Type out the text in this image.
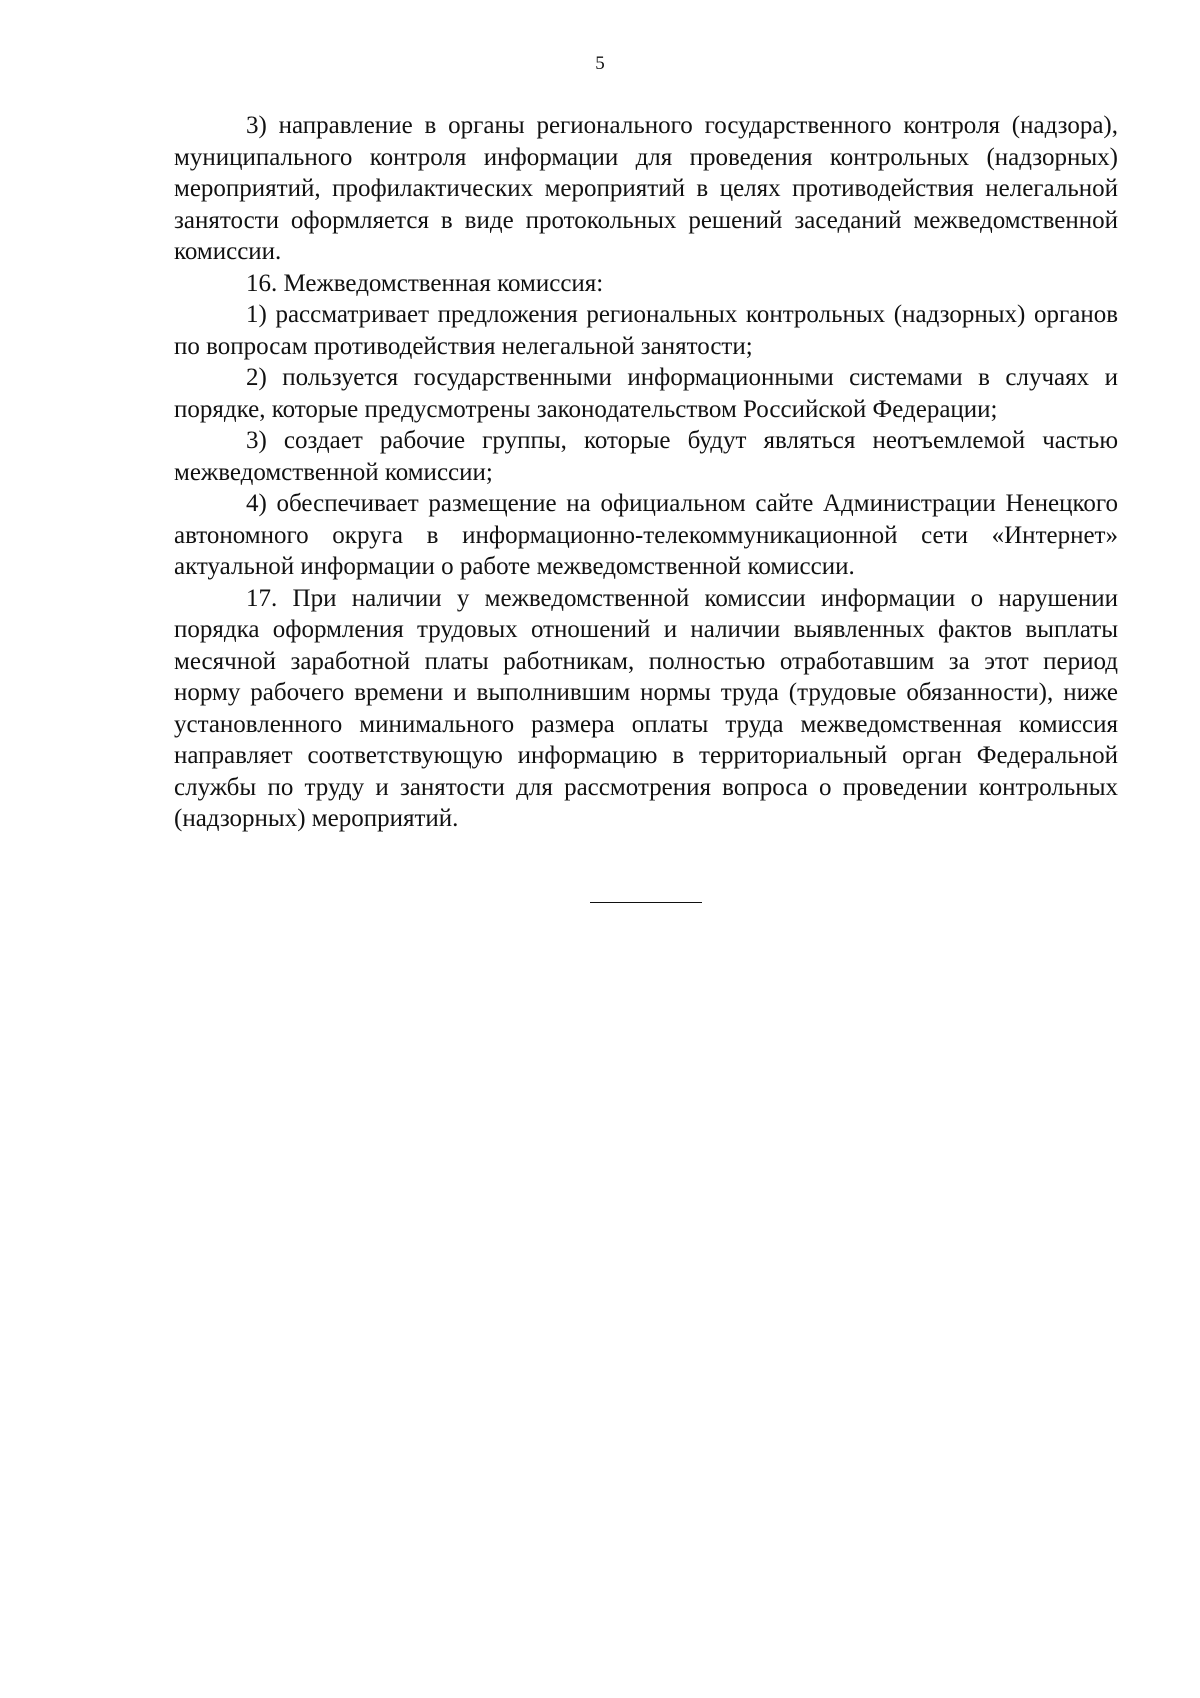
5

3) направление в органы регионального государственного контроля (надзора), муниципального контроля информации для проведения контрольных (надзорных) мероприятий, профилактических мероприятий в целях противодействия нелегальной занятости оформляется в виде протокольных решений заседаний межведомственной комиссии.

16. Межведомственная комиссия:

1) рассматривает предложения региональных контрольных (надзорных) органов по вопросам противодействия нелегальной занятости;

2) пользуется государственными информационными системами в случаях и порядке, которые предусмотрены законодательством Российской Федерации;

3) создает рабочие группы, которые будут являться неотъемлемой частью межведомственной комиссии;

4) обеспечивает размещение на официальном сайте Администрации Ненецкого автономного округа в информационно-телекоммуникационной сети «Интернет» актуальной информации о работе межведомственной комиссии.

17. При наличии у межведомственной комиссии информации о нарушении порядка оформления трудовых отношений и наличии выявленных фактов выплаты месячной заработной платы работникам, полностью отработавшим за этот период норму рабочего времени и выполнившим нормы труда (трудовые обязанности), ниже установленного минимального размера оплаты труда межведомственная комиссия направляет соответствующую информацию в территориальный орган Федеральной службы по труду и занятости для рассмотрения вопроса о проведении контрольных (надзорных) мероприятий.
